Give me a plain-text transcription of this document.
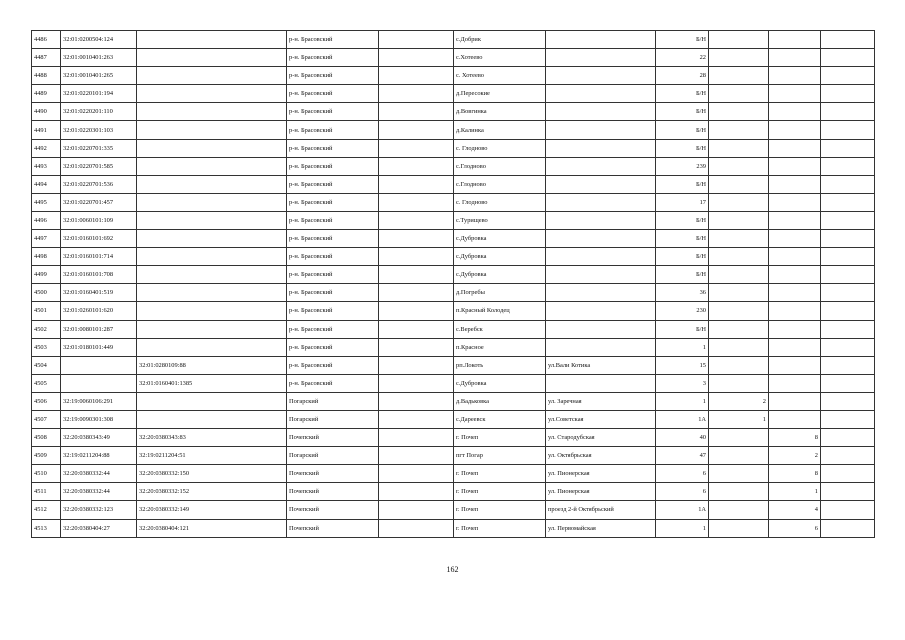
4486	32:01:0200504:124		р-н. Брасовский		с.Добрик		Б/Н			
4487	32:01:0010401:263		р-н. Брасовский		с.Хотеево		22			
4488	32:01:0010401:265		р-н. Брасовский		с. Хотеево		28			
4489	32:01:0220101:194		р-н. Брасовский		д.Пересокие		Б/Н			
4490	32:01:0220201:110		р-н. Брасовский		д.Вовгинка		Б/Н			
4491	32:01:0220301:103		р-н. Брасовский		д.Калинка		Б/Н			
4492	32:01:0220701:335		р-н. Брасовский		с. Глодново		Б/Н			
4493	32:01:0220701:585		р-н. Брасовский		с.Глодново		239			
4494	32:01:0220701:536		р-н. Брасовский		с.Глодново		Б/Н			
4495	32:01:0220701:457		р-н. Брасовский		с. Глодново		17			
4496	32:01:0060101:109		р-н. Брасовский		с.Турищево		Б/Н			
4497	32:01:0160101:692		р-н. Брасовский		с.Дубровка		Б/Н			
4498	32:01:0160101:714		р-н. Брасовский		с.Дубровка		Б/Н			
4499	32:01:0160101:708		р-н. Брасовский		с.Дубровка		Б/Н			
4500	32:01:0160401:519		р-н. Брасовский		д.Погребы		36			
4501	32:01:0260101:620		р-н. Брасовский		п.Красный Колодец		230			
4502	32:01:0080101:287		р-н. Брасовский		с.Веребск		Б/Н			
4503	32:01:0180101:449		р-н. Брасовский		п.Красное		1			
4504		32:01:0280109:88	р-н. Брасовский		рп.Локоть	ул.Вали Котика	15			
4505		32:01:0160401:1385	р-н. Брасовский		с.Дубровка		3			
4506	32:19:0060106:291		Погарский		д.Вадьковка	ул. Заречная	1	2		
4507	32:19:0090301:308		Погарский		с.Дареевск	ул.Советская	1А	1		
4508	32:20:0380343:49	32:20:0380343:83	Почепский		г. Почеп	ул. Стародубская	40		8	
4509	32:19:0211204:88	32:19:0211204:51	Погарский		пгт Погар	ул. Октябрьская	47		2	
4510	32:20:0380332:44	32:20:0380332:150	Почепский		г. Почеп	ул. Пионерская	6		8	
4511	32:20:0380332:44	32:20:0380332:152	Почепский		г. Почеп	ул. Пионерская	6		1	
4512	32:20:0380332:123	32:20:0380332:149	Почепский		г. Почеп	проезд 2-й Октябрьский	1А		4	
4513	32:20:0380404:27	32:20:0380404:121	Почепский		г. Почеп	ул. Первомайская	1		6	
162
